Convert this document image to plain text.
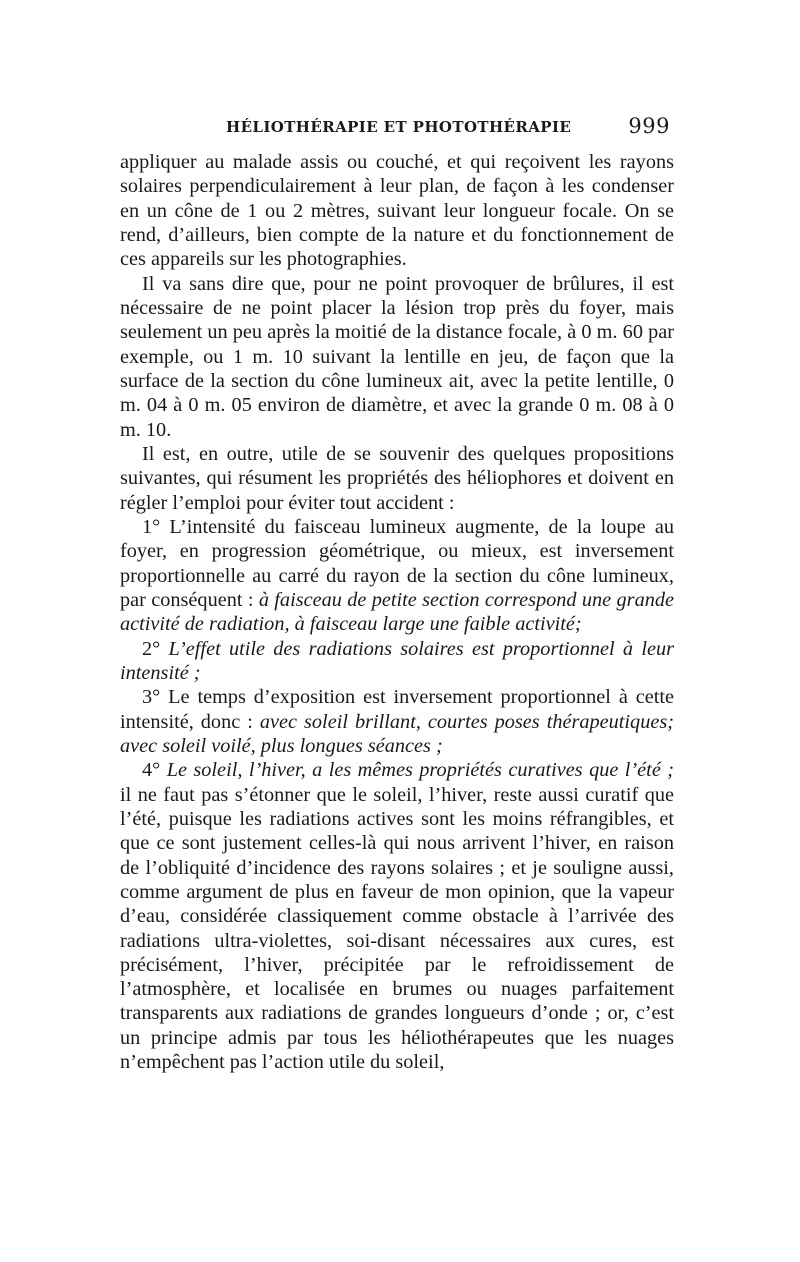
HÉLIOTHÉRAPIE ET PHOTOTHÉRAPIE	999

appliquer au malade assis ou couché, et qui reçoivent les rayons solaires perpendiculairement à leur plan, de façon à les condenser en un cône de 1 ou 2 mètres, suivant leur longueur focale. On se rend, d’ailleurs, bien compte de la nature et du fonctionnement de ces appareils sur les photographies.

Il va sans dire que, pour ne point provoquer de brûlures, il est nécessaire de ne point placer la lésion trop près du foyer, mais seulement un peu après la moitié de la distance focale, à 0 m. 60 par exemple, ou 1 m. 10 suivant la lentille en jeu, de façon que la surface de la section du cône lumineux ait, avec la petite lentille, 0 m. 04 à 0 m. 05 environ de diamètre, et avec la grande 0 m. 08 à 0 m. 10.

Il est, en outre, utile de se souvenir des quelques propositions suivantes, qui résument les propriétés des héliophores et doivent en régler l’emploi pour éviter tout accident :

1° L’intensité du faisceau lumineux augmente, de la loupe au foyer, en progression géométrique, ou mieux, est inversement proportionnelle au carré du rayon de la section du cône lumineux, par conséquent : à faisceau de petite section correspond une grande activité de radiation, à faisceau large une faible activité;

2° L’effet utile des radiations solaires est proportionnel à leur intensité ;

3° Le temps d’exposition est inversement proportionnel à cette intensité, donc : avec soleil brillant, courtes poses thérapeutiques; avec soleil voilé, plus longues séances ;

4° Le soleil, l’hiver, a les mêmes propriétés curatives que l’été ; il ne faut pas s’étonner que le soleil, l’hiver, reste aussi curatif que l’été, puisque les radiations actives sont les moins réfrangibles, et que ce sont justement celles-là qui nous arrivent l’hiver, en raison de l’obliquité d’incidence des rayons solaires ; et je souligne aussi, comme argument de plus en faveur de mon opinion, que la vapeur d’eau, considérée classiquement comme obstacle à l’arrivée des radiations ultra-violettes, soi-disant nécessaires aux cures, est précisément, l’hiver, précipitée par le refroidissement de l’atmosphère, et localisée en brumes ou nuages parfaitement transparents aux radiations de grandes longueurs d’onde ; or, c’est un principe admis par tous les héliothérapeutes que les nuages n’empêchent pas l’action utile du soleil,
